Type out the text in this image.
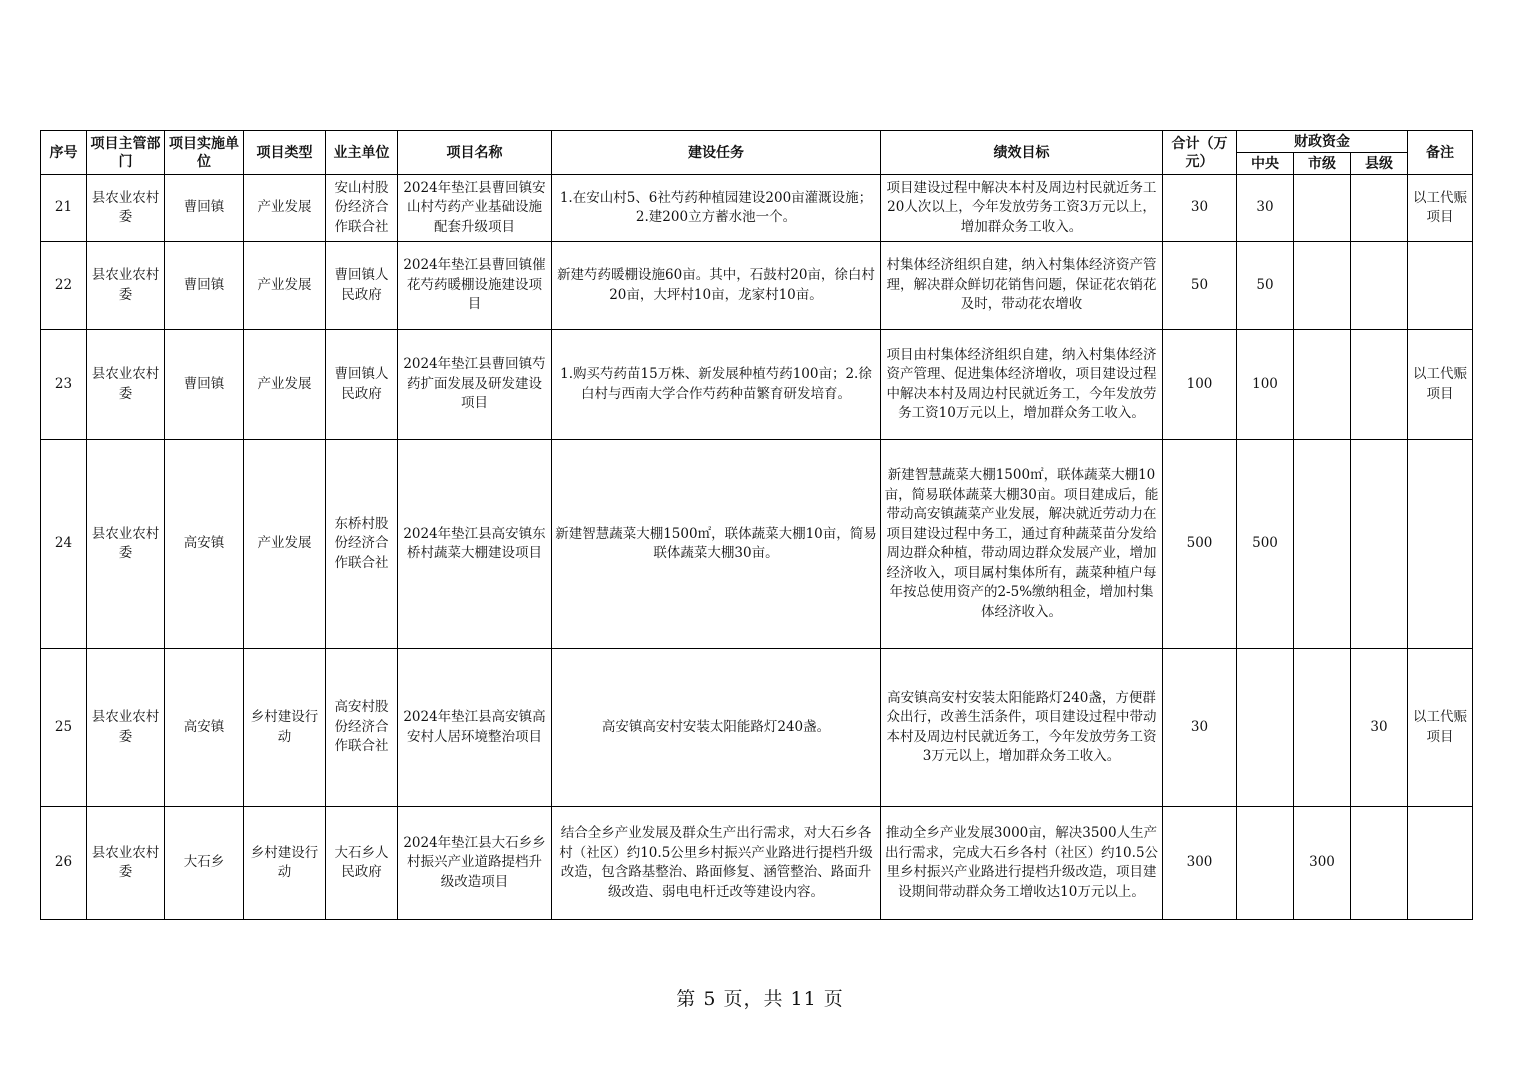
序号	项目主管部门	项目实施单位	项目类型	业主单位	项目名称	建设任务	绩效目标	合计（万元）	财政资金			备注
									中央	市级	县级	
21	县农业农村委	曹回镇	产业发展	安山村股份经济合作联合社	2024年垫江县曹回镇安山村芍药产业基础设施配套升级项目	1.在安山村5、6社芍药种植园建设200亩灌溉设施；2.建200立方蓄水池一个。	项目建设过程中解决本村及周边村民就近务工20人次以上，今年发放劳务工资3万元以上，增加群众务工收入。	30	30			以工代赈项目
22	县农业农村委	曹回镇	产业发展	曹回镇人民政府	2024年垫江县曹回镇催花芍药暖棚设施建设项目	新建芍药暖棚设施60亩。其中，石鼓村20亩，徐白村20亩，大坪村10亩，龙家村10亩。	村集体经济组织自建，纳入村集体经济资产管理，解决群众鲜切花销售问题，保证花农销花及时，带动花农增收	50	50			
23	县农业农村委	曹回镇	产业发展	曹回镇人民政府	2024年垫江县曹回镇芍药扩面发展及研发建设项目	1.购买芍药苗15万株、新发展种植芍药100亩；2.徐白村与西南大学合作芍药种苗繁育研发培育。	项目由村集体经济组织自建，纳入村集体经济资产管理、促进集体经济增收，项目建设过程中解决本村及周边村民就近务工，今年发放劳务工资10万元以上，增加群众务工收入。	100	100			以工代赈项目
24	县农业农村委	高安镇	产业发展	东桥村股份经济合作联合社	2024年垫江县高安镇东桥村蔬菜大棚建设项目	新建智慧蔬菜大棚1500㎡，联体蔬菜大棚10亩，简易联体蔬菜大棚30亩。	新建智慧蔬菜大棚1500㎡，联体蔬菜大棚10亩，简易联体蔬菜大棚30亩。项目建成后，能带动高安镇蔬菜产业发展，解决就近劳动力在项目建设过程中务工，通过育种蔬菜苗分发给周边群众种植，带动周边群众发展产业，增加经济收入，项目属村集体所有，蔬菜种植户每年按总使用资产的2-5%缴纳租金，增加村集体经济收入。	500	500			
25	县农业农村委	高安镇	乡村建设行动	高安村股份经济合作联合社	2024年垫江县高安镇高安村人居环境整治项目	高安镇高安村安装太阳能路灯240盏。	高安镇高安村安装太阳能路灯240盏，方便群众出行，改善生活条件，项目建设过程中带动本村及周边村民就近务工，今年发放劳务工资3万元以上，增加群众务工收入。	30			30	以工代赈项目
26	县农业农村委	大石乡	乡村建设行动	大石乡人民政府	2024年垫江县大石乡乡村振兴产业道路提档升级改造项目	结合全乡产业发展及群众生产出行需求，对大石乡各村（社区）约10.5公里乡村振兴产业路进行提档升级改造，包含路基整治、路面修复、涵管整治、路面升级改造、弱电电杆迁改等建设内容。	推动全乡产业发展3000亩，解决3500人生产出行需求，完成大石乡各村（社区）约10.5公里乡村振兴产业路进行提档升级改造，项目建设期间带动群众务工增收达10万元以上。	300		300		
第 5 页，共 11 页
